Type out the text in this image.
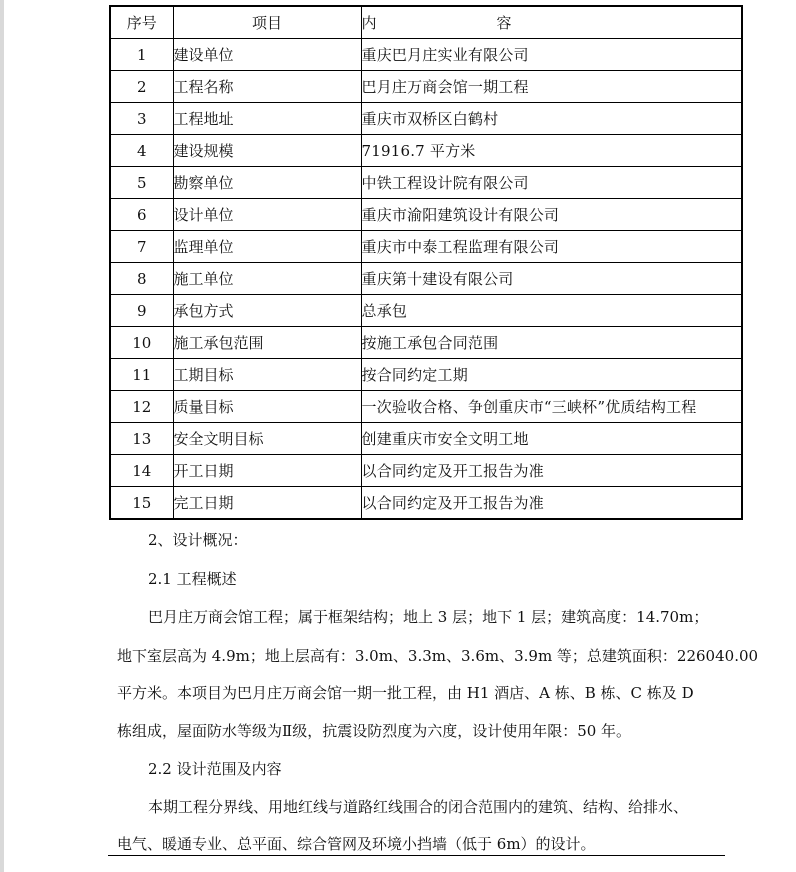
序号	项目	内　　容
1	建设单位	重庆巴月庄实业有限公司
2	工程名称	巴月庄万商会馆一期工程
3	工程地址	重庆市双桥区白鹤村
4	建设规模	71916.7 平方米
5	勘察单位	中铁工程设计院有限公司
6	设计单位	重庆市渝阳建筑设计有限公司
7	监理单位	重庆市中泰工程监理有限公司
8	施工单位	重庆第十建设有限公司
9	承包方式	总承包
10	施工承包范围	按施工承包合同范围
11	工期目标	按合同约定工期
12	质量目标	一次验收合格、争创重庆市“三峡杯”优质结构工程
13	安全文明目标	创建重庆市安全文明工地
14	开工日期	以合同约定及开工报告为准
15	完工日期	以合同约定及开工报告为准
2、设计概况：
2.1 工程概述
巴月庄万商会馆工程；属于框架结构；地上 3 层；地下 1 层；建筑高度：14.70m；
地下室层高为 4.9m；地上层高有：3.0m、3.3m、3.6m、3.9m 等；总建筑面积：226040.00
平方米。本项目为巴月庄万商会馆一期一批工程，由 H1 酒店、A 栋、B 栋、C 栋及 D
栋组成，屋面防水等级为Ⅱ级，抗震设防烈度为六度，设计使用年限：50 年。
2.2 设计范围及内容
本期工程分界线、用地红线与道路红线围合的闭合范围内的建筑、结构、给排水、
电气、暖通专业、总平面、综合管网及环境小挡墙（低于 6m）的设计。
